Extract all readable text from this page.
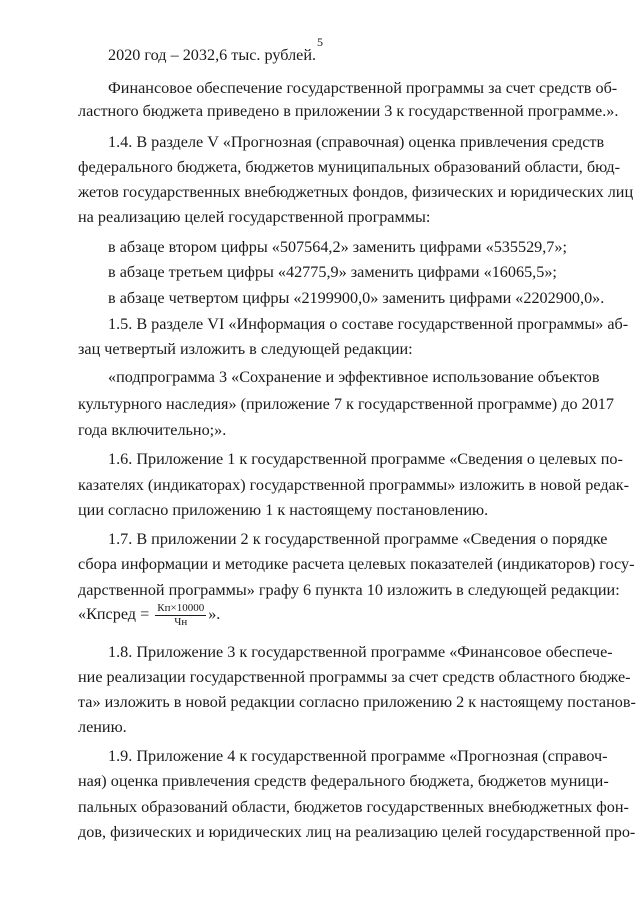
5
2020 год – 2032,6 тыс. рублей.
Финансовое обеспечение государственной программы за счет средств об-
ластного бюджета приведено в приложении 3 к государственной программе.».
1.4. В разделе V «Прогнозная (справочная) оценка привлечения средств
федерального бюджета, бюджетов муниципальных образований области, бюд-
жетов государственных внебюджетных фондов, физических и юридических лиц
на реализацию целей государственной программы:
в абзаце втором цифры «507564,2» заменить цифрами «535529,7»;
в абзаце третьем цифры «42775,9» заменить цифрами «16065,5»;
в абзаце четвертом цифры «2199900,0» заменить цифрами «2202900,0».
1.5. В разделе VI «Информация о составе государственной программы» аб-
зац четвертый изложить в следующей редакции:
«подпрограмма 3 «Сохранение и эффективное использование объектов
культурного наследия» (приложение 7 к государственной программе) до 2017
года включительно;».
1.6. Приложение 1 к государственной программе «Сведения о целевых по-
казателях (индикаторах) государственной программы» изложить в новой редак-
ции согласно приложению 1 к настоящему постановлению.
1.7. В приложении 2 к государственной программе «Сведения о порядке
сбора информации и методике расчета целевых показателей (индикаторов) госу-
дарственной программы» графу 6 пункта 10 изложить в следующей редакции:
1.8. Приложение 3 к государственной программе «Финансовое обеспече-
ние реализации государственной программы за счет средств областного бюдже-
та» изложить в новой редакции согласно приложению 2 к настоящему постанов-
лению.
1.9. Приложение 4 к государственной программе «Прогнозная (справоч-
ная) оценка привлечения средств федерального бюджета, бюджетов муници-
пальных образований области, бюджетов государственных внебюджетных фон-
дов, физических и юридических лиц на реализацию целей государственной про-
«Кпсред = $\frac{Кп\times 10000}{Чн}$ ».
